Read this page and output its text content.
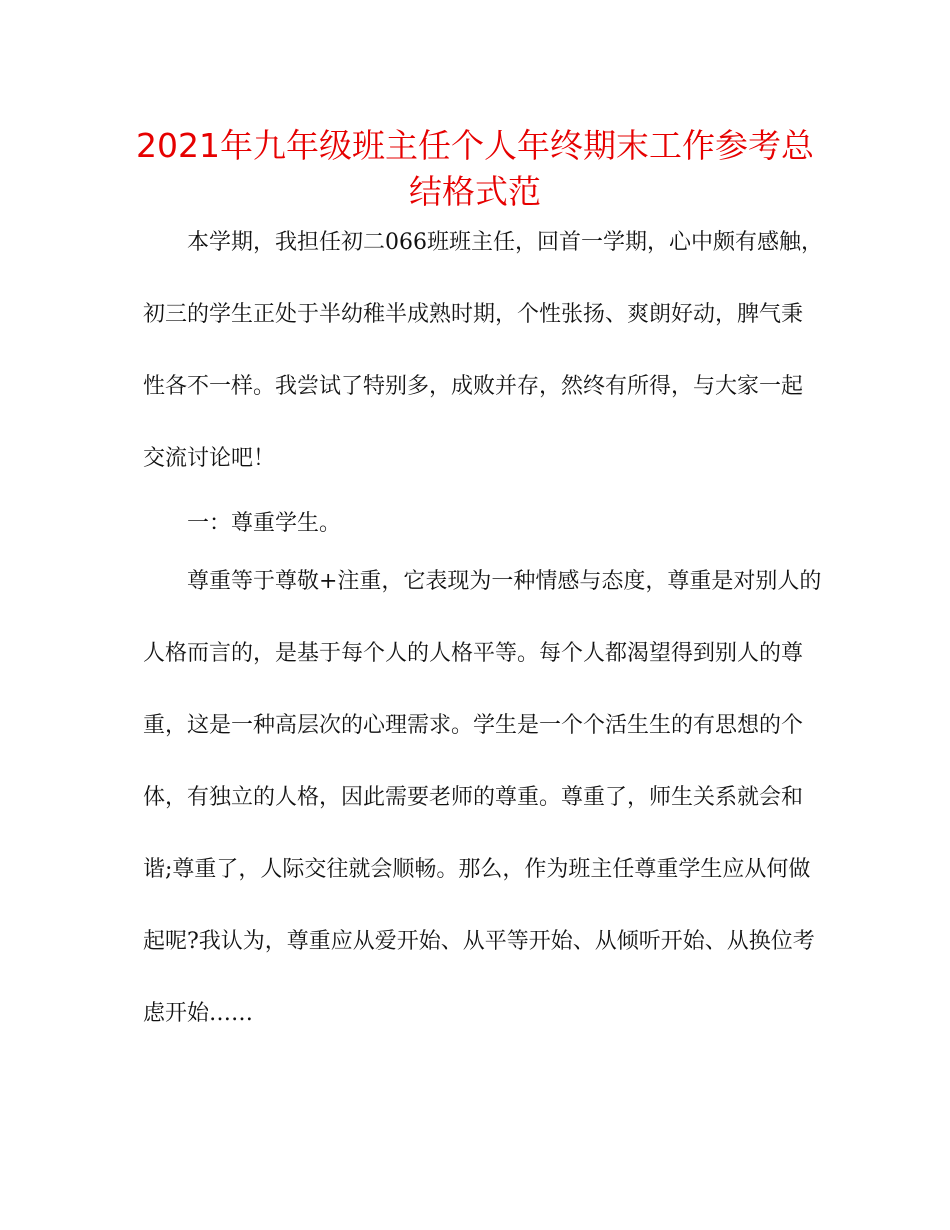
2021年九年级班主任个人年终期末工作参考总
结格式范

本学期，我担任初二066班班主任，回首一学期，心中颇有感触，

初三的学生正处于半幼稚半成熟时期，个性张扬、爽朗好动，脾气秉

性各不一样。我尝试了特别多，成败并存，然终有所得，与大家一起

交流讨论吧！

一：尊重学生。

尊重等于尊敬+注重，它表现为一种情感与态度，尊重是对别人的

人格而言的，是基于每个人的人格平等。每个人都渴望得到别人的尊

重，这是一种高层次的心理需求。学生是一个个活生生的有思想的个

体，有独立的人格，因此需要老师的尊重。尊重了，师生关系就会和

谐;尊重了，人际交往就会顺畅。那么，作为班主任尊重学生应从何做

起呢?我认为，尊重应从爱开始、从平等开始、从倾听开始、从换位考

虑开始……
